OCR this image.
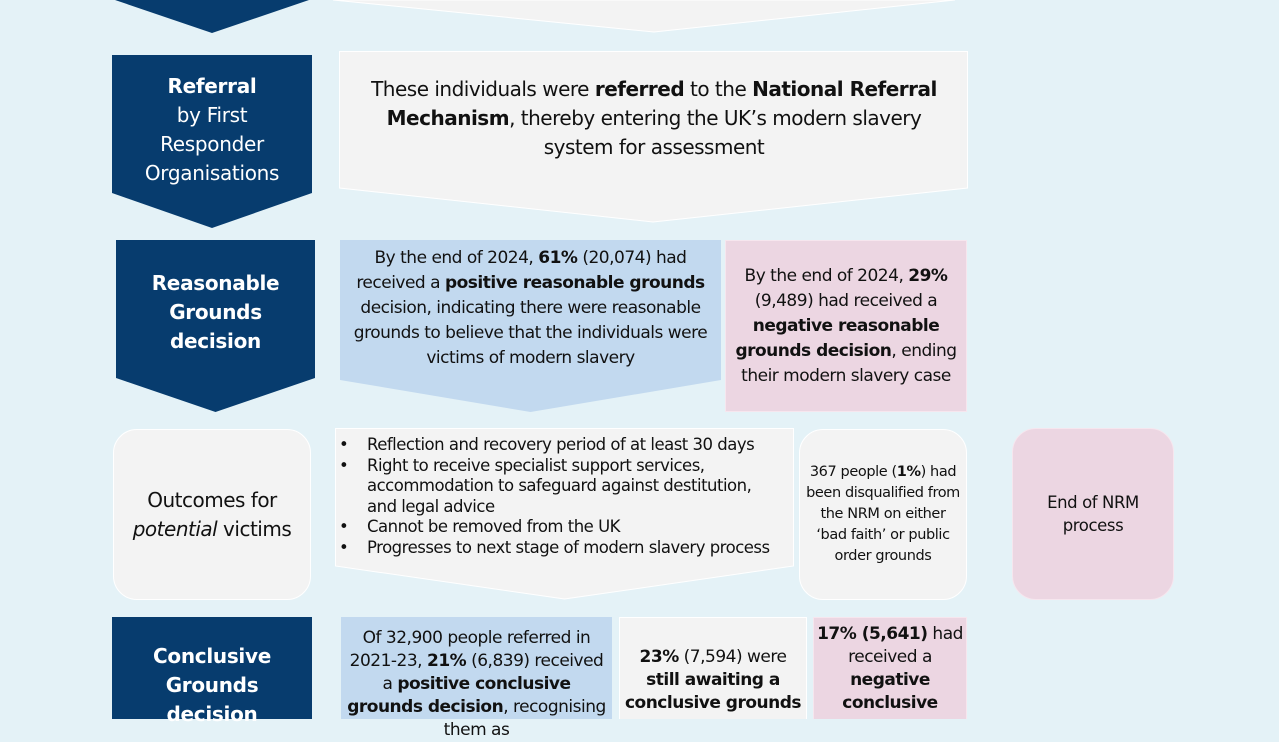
Referral
by First Responder Organisations
These individuals were referred to the National Referral Mechanism, thereby entering the UK’s modern slavery system for assessment
Reasonable Grounds decision
By the end of 2024, 61% (20,074) had received a positive reasonable grounds decision, indicating there were reasonable grounds to believe that the individuals were victims of modern slavery
By the end of 2024, 29% (9,489) had received a negative reasonable grounds decision, ending their modern slavery case
Outcomes for potential victims
• Reflection and recovery period of at least 30 days
• Right to receive specialist support services, accommodation to safeguard against destitution, and legal advice
• Cannot be removed from the UK
• Progresses to next stage of modern slavery process
367 people (1%) had been disqualified from the NRM on either ‘bad faith’ or public order grounds
End of NRM process
Conclusive Grounds decision
Of 32,900 people referred in 2021-23, 21% (6,839) received a positive conclusive grounds decision, recognising them as
23% (7,594) were still awaiting a conclusive grounds
17% (5,641) had received a negative conclusive
